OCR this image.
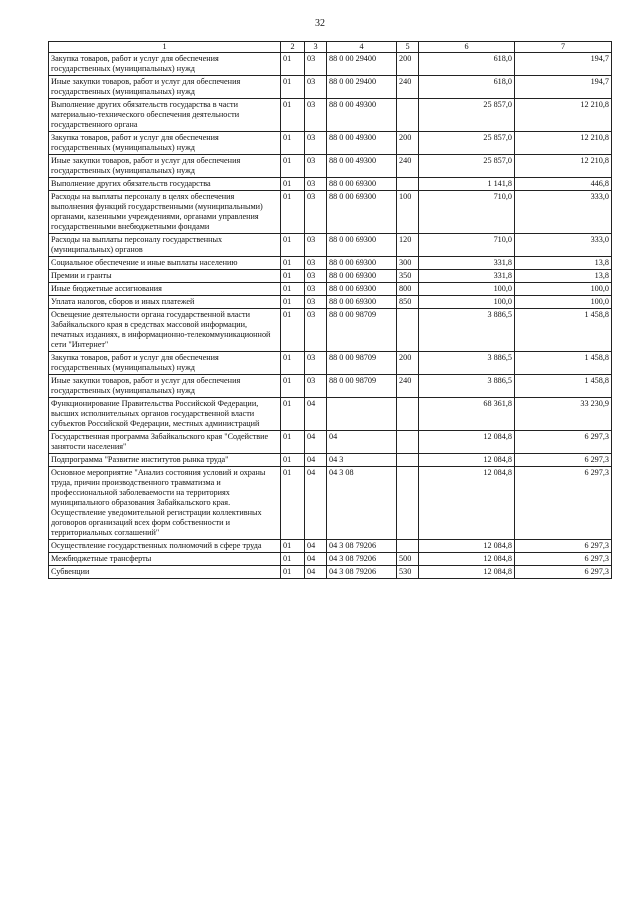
32
1	2	3	4	5	6	7
Закупка товаров, работ и услуг для обеспечения государственных (муниципальных) нужд	01	03	88 0 00 29400	200	618,0	194,7
Иные закупки товаров, работ и услуг для обеспечения государственных (муниципальных) нужд	01	03	88 0 00 29400	240	618,0	194,7
Выполнение других обязательств государства в части материально-технического обеспечения деятельности государственного органа	01	03	88 0 00 49300		25 857,0	12 210,8
Закупка товаров, работ и услуг для обеспечения государственных (муниципальных) нужд	01	03	88 0 00 49300	200	25 857,0	12 210,8
Иные закупки товаров, работ и услуг для обеспечения государственных (муниципальных) нужд	01	03	88 0 00 49300	240	25 857,0	12 210,8
Выполнение других обязательств государства	01	03	88 0 00 69300		1 141,8	446,8
Расходы на выплаты персоналу в целях обеспечения выполнения функций государственными (муниципальными) органами, казенными учреждениями, органами управления государственными внебюджетными фондами	01	03	88 0 00 69300	100	710,0	333,0
Расходы на выплаты персоналу государственных (муниципальных) органов	01	03	88 0 00 69300	120	710,0	333,0
Социальное обеспечение и иные выплаты населению	01	03	88 0 00 69300	300	331,8	13,8
Премии и гранты	01	03	88 0 00 69300	350	331,8	13,8
Иные бюджетные ассигнования	01	03	88 0 00 69300	800	100,0	100,0
Уплата налогов, сборов и иных платежей	01	03	88 0 00 69300	850	100,0	100,0
Освещение деятельности органа государственной власти Забайкальского края в средствах массовой информации, печатных изданиях, в информационно-телекоммуникационной сети "Интернет"	01	03	88 0 00 98709		3 886,5	1 458,8
Закупка товаров, работ и услуг для обеспечения государственных (муниципальных) нужд	01	03	88 0 00 98709	200	3 886,5	1 458,8
Иные закупки товаров, работ и услуг для обеспечения государственных (муниципальных) нужд	01	03	88 0 00 98709	240	3 886,5	1 458,8
Функционирование Правительства Российской Федерации, высших исполнительных органов государственной власти субъектов Российской Федерации, местных администраций	01	04			68 361,8	33 230,9
Государственная программа Забайкальского края "Содействие занятости населения"	01	04	04		12 084,8	6 297,3
Подпрограмма "Развитие институтов рынка труда"	01	04	04 3		12 084,8	6 297,3
Основное мероприятие "Анализ состояния условий и охраны труда, причин производственного травматизма и профессиональной заболеваемости на территориях муниципального образования Забайкальского края. Осуществление уведомительной регистрации коллективных договоров организаций всех форм собственности и территориальных соглашений"	01	04	04 3 08		12 084,8	6 297,3
Осуществление государственных полномочий в сфере труда	01	04	04 3 08 79206		12 084,8	6 297,3
Межбюджетные трансферты	01	04	04 3 08 79206	500	12 084,8	6 297,3
Субвенции	01	04	04 3 08 79206	530	12 084,8	6 297,3
